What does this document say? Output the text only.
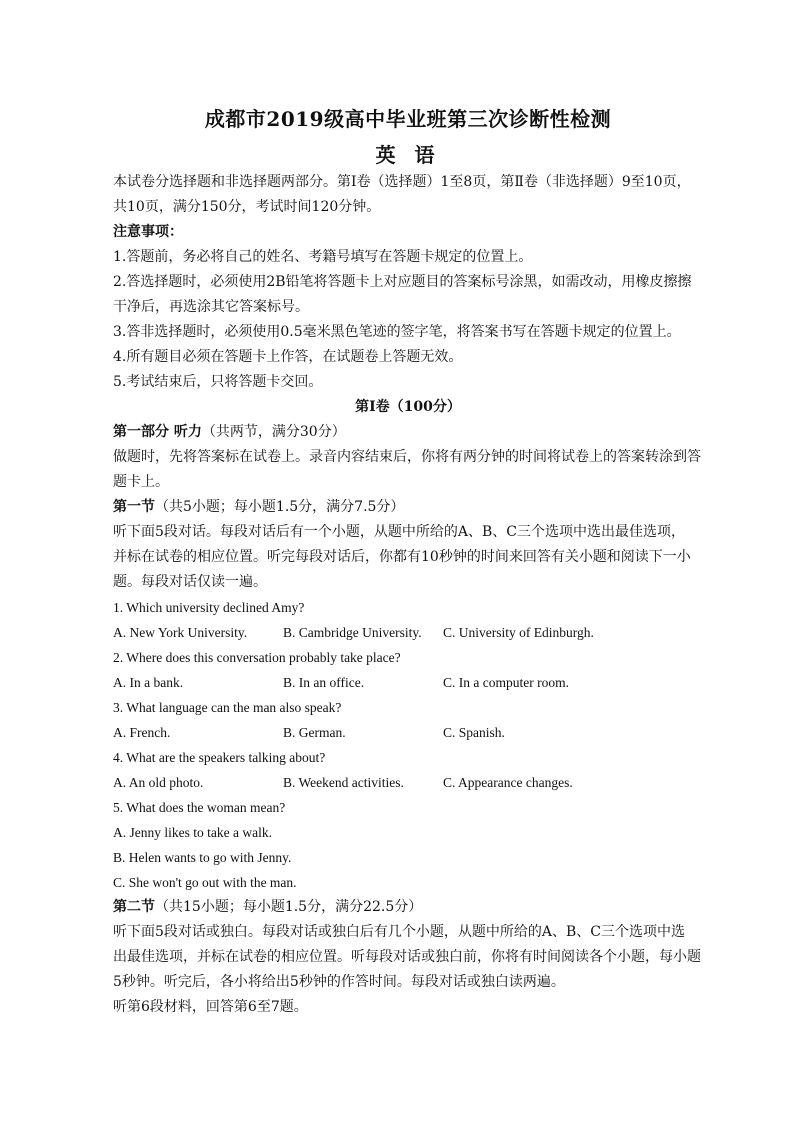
成都市2019级高中毕业班第三次诊断性检测
英 语

本试卷分选择题和非选择题两部分。第Ⅰ卷（选择题）1至8页，第Ⅱ卷（非选择题）9至10页，

共10页，满分150分，考试时间120分钟。

注意事项：

1.答题前，务必将自己的姓名、考籍号填写在答题卡规定的位置上。

2.答选择题时，必须使用2B铅笔将答题卡上对应题目的答案标号涂黑，如需改动，用橡皮擦擦

干净后，再选涂其它答案标号。

3.答非选择题时，必须使用0.5毫米黑色笔迹的签字笔，将答案书写在答题卡规定的位置上。

4.所有题目必须在答题卡上作答，在试题卷上答题无效。

5.考试结束后，只将答题卡交回。

第Ⅰ卷（100分）

第一部分 听力（共两节，满分30分）

做题时，先将答案标在试卷上。录音内容结束后，你将有两分钟的时间将试卷上的答案转涂到答

题卡上。

第一节（共5小题；每小题1.5分，满分7.5分）

听下面5段对话。每段对话后有一个小题，从题中所给的A、B、C三个选项中选出最佳选项，

并标在试卷的相应位置。听完每段对话后，你都有10秒钟的时间来回答有关小题和阅读下一小

题。每段对话仅读一遍。

1. Which university declined Amy?

A. New York University.	B. Cambridge University.	C. University of Edinburgh.

2. Where does this conversation probably take place?

A. In a bank.	B. In an office.	C. In a computer room.

3. What language can the man also speak?

A. French.	B. German.	C. Spanish.

4. What are the speakers talking about?

A. An old photo.	B. Weekend activities.	C. Appearance changes.

5. What does the woman mean?

A. Jenny likes to take a walk.

B. Helen wants to go with Jenny.

C. She won't go out with the man.

第二节（共15小题；每小题1.5分，满分22.5分）

听下面5段对话或独白。每段对话或独白后有几个小题，从题中所给的A、B、C三个选项中选

出最佳选项，并标在试卷的相应位置。听每段对话或独白前，你将有时间阅读各个小题，每小题

5秒钟。听完后，各小将给出5秒钟的作答时间。每段对话或独白读两遍。

听第6段材料，回答第6至7题。
